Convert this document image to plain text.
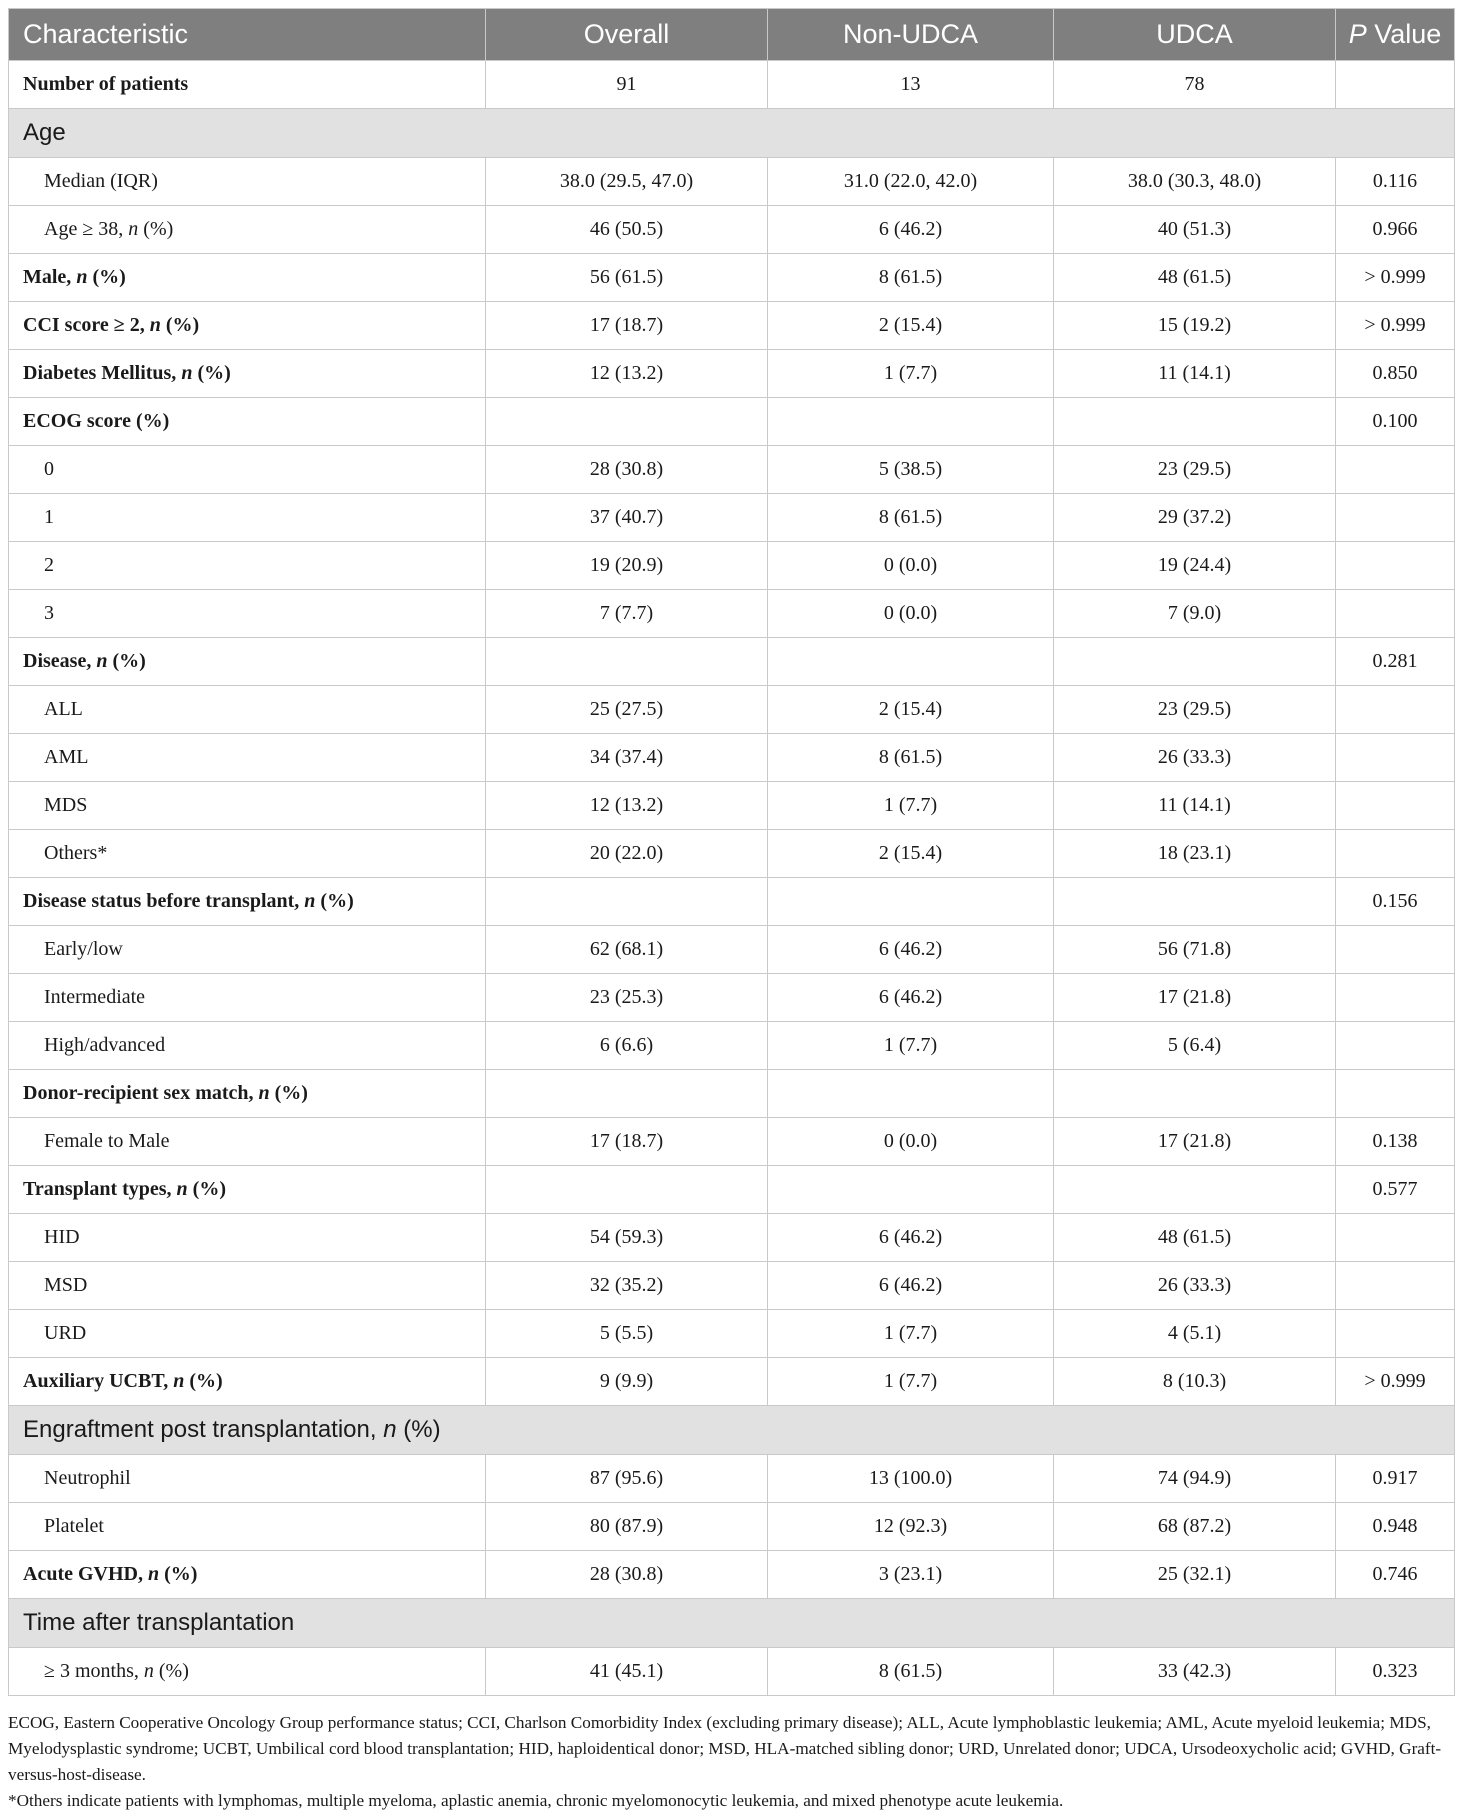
Characteristic	Overall	Non-UDCA	UDCA	P Value
Number of patients	91	13	78	
Age				
Median (IQR)	38.0 (29.5, 47.0)	31.0 (22.0, 42.0)	38.0 (30.3, 48.0)	0.116
Age ≥ 38, n (%)	46 (50.5)	6 (46.2)	40 (51.3)	0.966
Male, n (%)	56 (61.5)	8 (61.5)	48 (61.5)	> 0.999
CCI score ≥ 2, n (%)	17 (18.7)	2 (15.4)	15 (19.2)	> 0.999
Diabetes Mellitus, n (%)	12 (13.2)	1 (7.7)	11 (14.1)	0.850
ECOG score (%)				0.100
0	28 (30.8)	5 (38.5)	23 (29.5)	
1	37 (40.7)	8 (61.5)	29 (37.2)	
2	19 (20.9)	0 (0.0)	19 (24.4)	
3	7 (7.7)	0 (0.0)	7 (9.0)	
Disease, n (%)				0.281
ALL	25 (27.5)	2 (15.4)	23 (29.5)	
AML	34 (37.4)	8 (61.5)	26 (33.3)	
MDS	12 (13.2)	1 (7.7)	11 (14.1)	
Others*	20 (22.0)	2 (15.4)	18 (23.1)	
Disease status before transplant, n (%)				0.156
Early/low	62 (68.1)	6 (46.2)	56 (71.8)	
Intermediate	23 (25.3)	6 (46.2)	17 (21.8)	
High/advanced	6 (6.6)	1 (7.7)	5 (6.4)	
Donor-recipient sex match, n (%)				
Female to Male	17 (18.7)	0 (0.0)	17 (21.8)	0.138
Transplant types, n (%)				0.577
HID	54 (59.3)	6 (46.2)	48 (61.5)	
MSD	32 (35.2)	6 (46.2)	26 (33.3)	
URD	5 (5.5)	1 (7.7)	4 (5.1)	
Auxiliary UCBT, n (%)	9 (9.9)	1 (7.7)	8 (10.3)	> 0.999
Engraftment post transplantation, n (%)				
Neutrophil	87 (95.6)	13 (100.0)	74 (94.9)	0.917
Platelet	80 (87.9)	12 (92.3)	68 (87.2)	0.948
Acute GVHD, n (%)	28 (30.8)	3 (23.1)	25 (32.1)	0.746
Time after transplantation				
≥ 3 months, n (%)	41 (45.1)	8 (61.5)	33 (42.3)	0.323

ECOG, Eastern Cooperative Oncology Group performance status; CCI, Charlson Comorbidity Index (excluding primary disease); ALL, Acute lymphoblastic leukemia; AML, Acute myeloid leukemia; MDS, Myelodysplastic syndrome; UCBT, Umbilical cord blood transplantation; HID, haploidentical donor; MSD, HLA-matched sibling donor; URD, Unrelated donor; UDCA, Ursodeoxycholic acid; GVHD, Graft-versus-host-disease.

*Others indicate patients with lymphomas, multiple myeloma, aplastic anemia, chronic myelomonocytic leukemia, and mixed phenotype acute leukemia.
